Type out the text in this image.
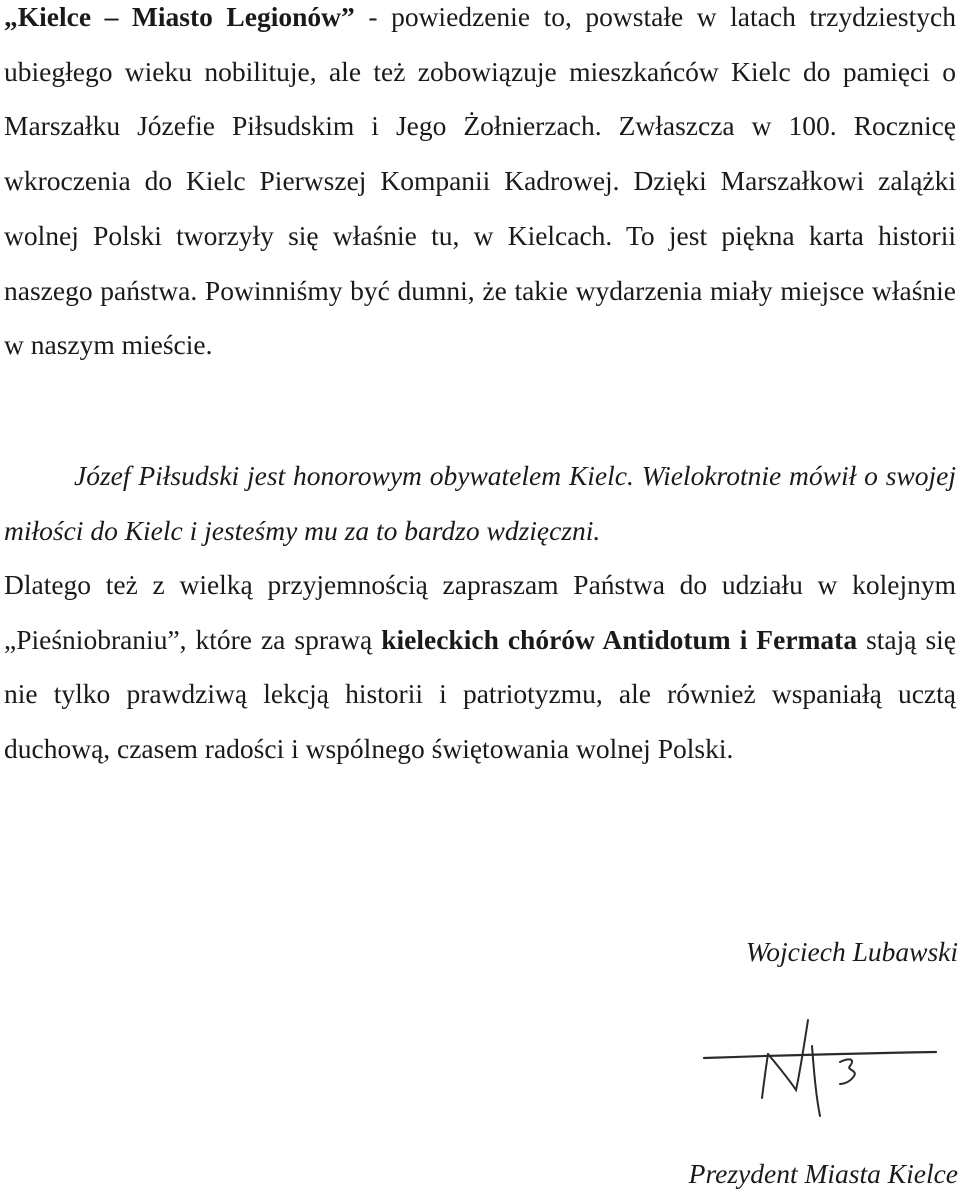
„Kielce – Miasto Legionów” - powiedzenie to, powstałe w latach trzydziestych ubiegłego wieku nobilituje, ale też zobowiązuje mieszkańców Kielc do pamięci o Marszałku Józefie Piłsudskim i Jego Żołnierzach. Zwłaszcza w 100. Rocznicę wkroczenia do Kielc Pierwszej Kompanii Kadrowej. Dzięki Marszałkowi zalążki wolnej Polski tworzyły się właśnie tu, w Kielcach. To jest piękna karta historii naszego państwa. Powinniśmy być dumni, że takie wydarzenia miały miejsce właśnie w naszym mieście.

Józef Piłsudski jest honorowym obywatelem Kielc. Wielokrotnie mówił o swojej miłości do Kielc i jesteśmy mu za to bardzo wdzięczni.

Dlatego też z wielką przyjemnością zapraszam Państwa do udziału w kolejnym „Pieśniobraniu”, które za sprawą kieleckich chórów Antidotum i Fermata stają się nie tylko prawdziwą lekcją historii i patriotyzmu, ale również wspaniałą ucztą duchową, czasem radości i wspólnego świętowania wolnej Polski.

Wojciech Lubawski

Prezydent Miasta Kielce
